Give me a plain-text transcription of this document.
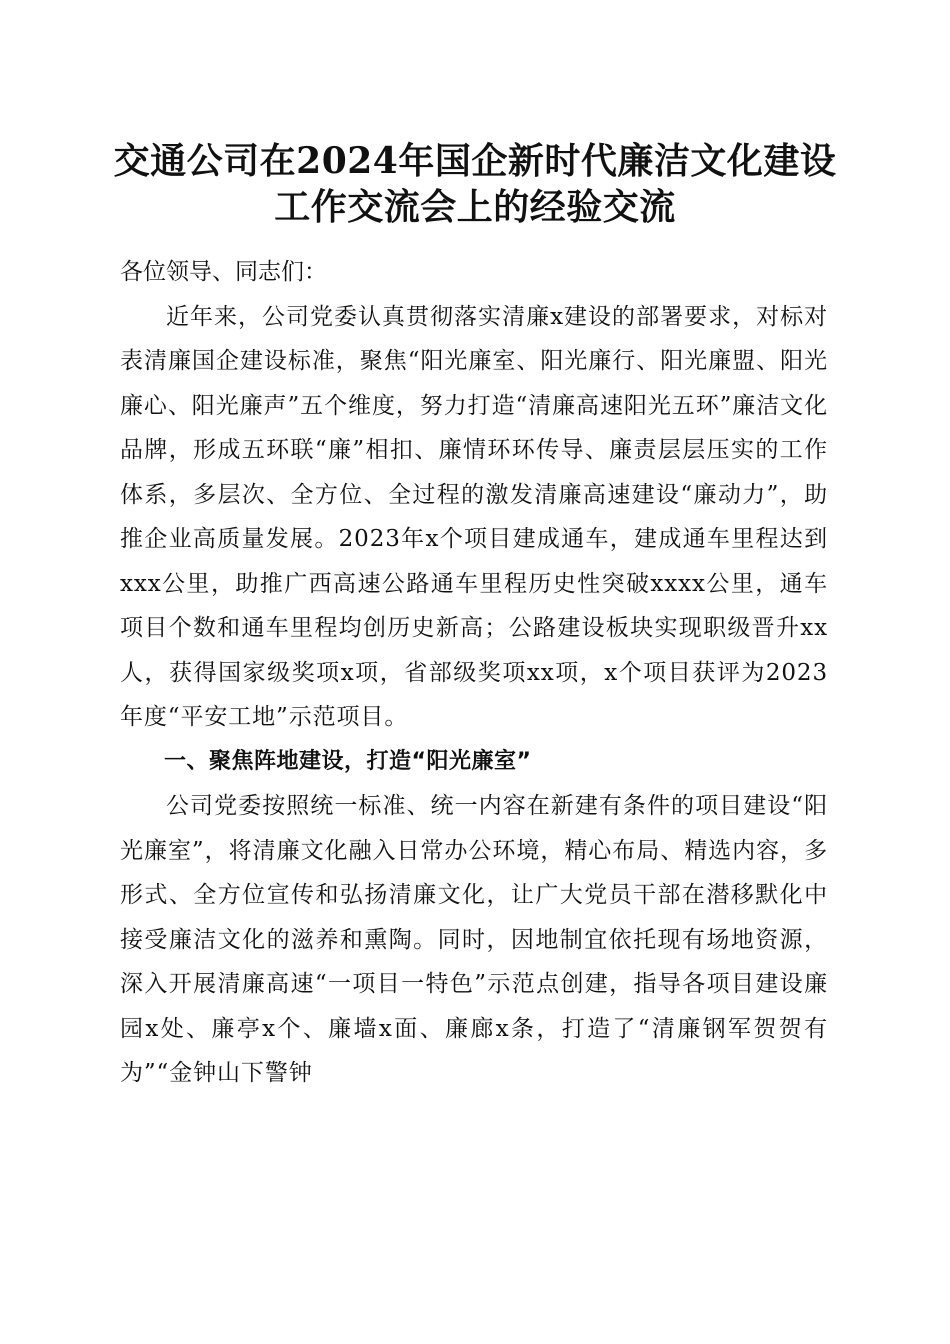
交通公司在2024年国企新时代廉洁文化建设
工作交流会上的经验交流

各位领导、同志们：

近年来，公司党委认真贯彻落实清廉x建设的部署要求，对标对表清廉国企建设标准，聚焦“阳光廉室、阳光廉行、阳光廉盟、阳光廉心、阳光廉声”五个维度，努力打造“清廉高速阳光五环”廉洁文化品牌，形成五环联“廉”相扣、廉情环环传导、廉责层层压实的工作体系，多层次、全方位、全过程的激发清廉高速建设“廉动力”，助推企业高质量发展。2023年x个项目建成通车，建成通车里程达到xxx公里，助推广西高速公路通车里程历史性突破xxxx公里，通车项目个数和通车里程均创历史新高；公路建设板块实现职级晋升xx人，获得国家级奖项x项，省部级奖项xx项，x个项目获评为2023年度“平安工地”示范项目。

一、聚焦阵地建设，打造“阳光廉室”

公司党委按照统一标准、统一内容在新建有条件的项目建设“阳光廉室”，将清廉文化融入日常办公环境，精心布局、精选内容，多形式、全方位宣传和弘扬清廉文化，让广大党员干部在潜移默化中接受廉洁文化的滋养和熏陶。同时，因地制宜依托现有场地资源，深入开展清廉高速“一项目一特色”示范点创建，指导各项目建设廉园x处、廉亭x个、廉墙x面、廉廊x条，打造了“清廉钢军贺贺有为”“金钟山下警钟
